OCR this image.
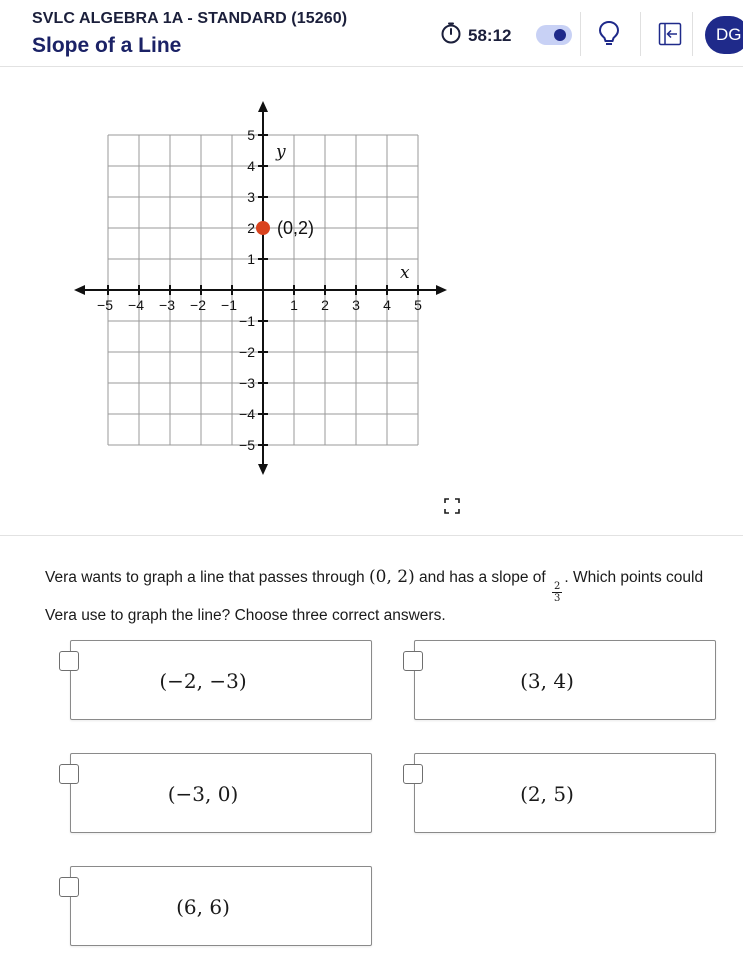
SVLC ALGEBRA 1A - STANDARD (15260)
Slope of a Line	58:12	DG
−5 −4 −3 −2 −1	1 2 3 4 5
5
4
3
2
1
−1
−2
−3
−4
−5
x
y
(0,2)
Vera wants to graph a line that passes through (0, 2) and has a slope of
$\frac{2}{3}$
. Which points could Vera use to graph the line? Choose three correct answers.
(−2, −3)	(3, 4)
(−3, 0)	(2, 5)
(6, 6)
